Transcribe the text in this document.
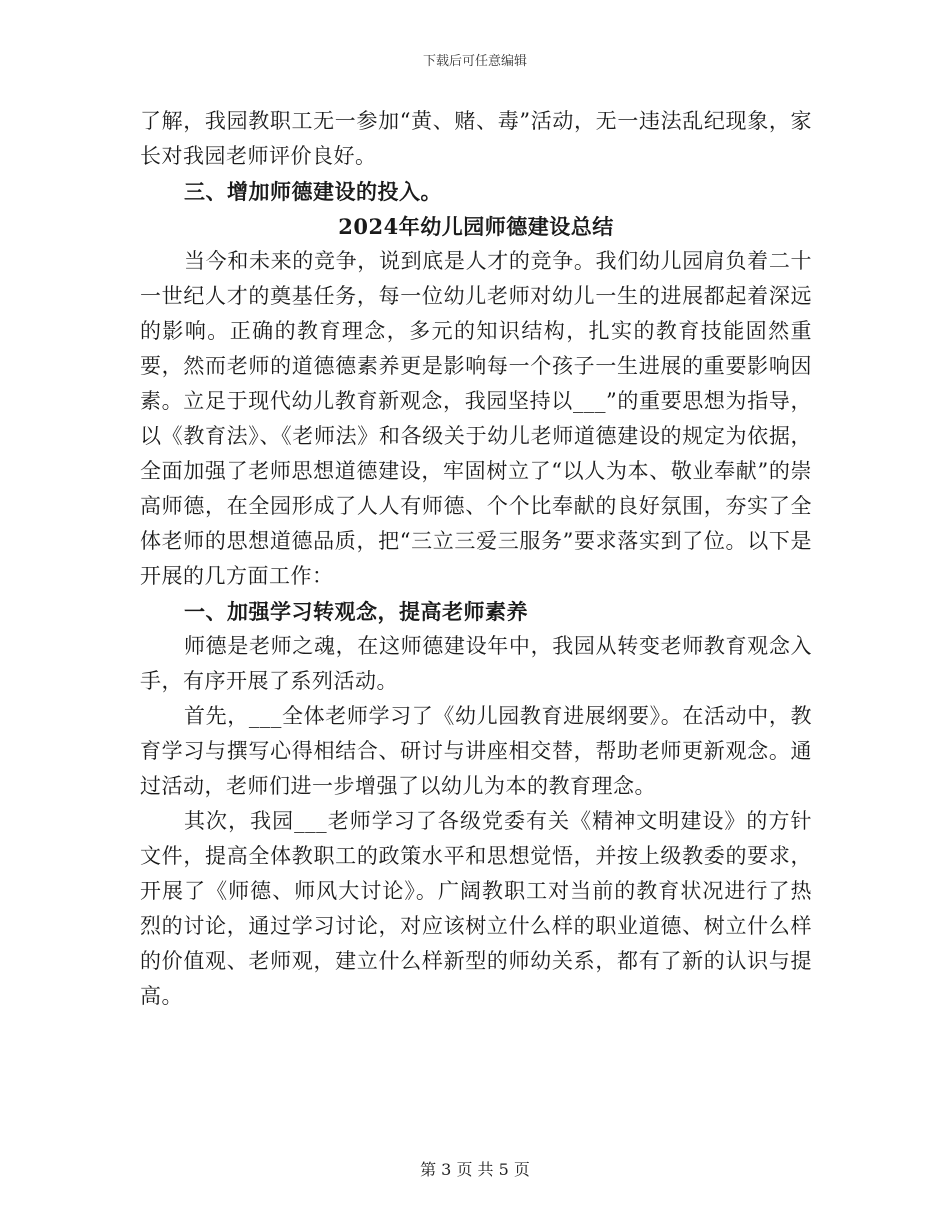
下载后可任意编辑

了解，我园教职工无一参加“黄、赌、毒”活动，无一违法乱纪现象，家长对我园老师评价良好。

三、增加师德建设的投入。

2024年幼儿园师德建设总结

当今和未来的竞争，说到底是人才的竞争。我们幼儿园肩负着二十一世纪人才的奠基任务，每一位幼儿老师对幼儿一生的进展都起着深远的影响。正确的教育理念，多元的知识结构，扎实的教育技能固然重要，然而老师的道德德素养更是影响每一个孩子一生进展的重要影响因素。立足于现代幼儿教育新观念，我园坚持以___”的重要思想为指导，以《教育法》、《老师法》和各级关于幼儿老师道德建设的规定为依据，全面加强了老师思想道德建设，牢固树立了“以人为本、敬业奉献”的崇高师德，在全园形成了人人有师德、个个比奉献的良好氛围，夯实了全体老师的思想道德品质，把“三立三爱三服务”要求落实到了位。以下是开展的几方面工作：

一、加强学习转观念，提高老师素养

师德是老师之魂，在这师德建设年中，我园从转变老师教育观念入手，有序开展了系列活动。

首先，___全体老师学习了《幼儿园教育进展纲要》。在活动中，教育学习与撰写心得相结合、研讨与讲座相交替，帮助老师更新观念。通过活动，老师们进一步增强了以幼儿为本的教育理念。

其次，我园___老师学习了各级党委有关《精神文明建设》的方针文件，提高全体教职工的政策水平和思想觉悟，并按上级教委的要求，开展了《师德、师风大讨论》。广阔教职工对当前的教育状况进行了热烈的讨论，通过学习讨论，对应该树立什么样的职业道德、树立什么样的价值观、老师观，建立什么样新型的师幼关系，都有了新的认识与提高。

第 3 页 共 5 页
